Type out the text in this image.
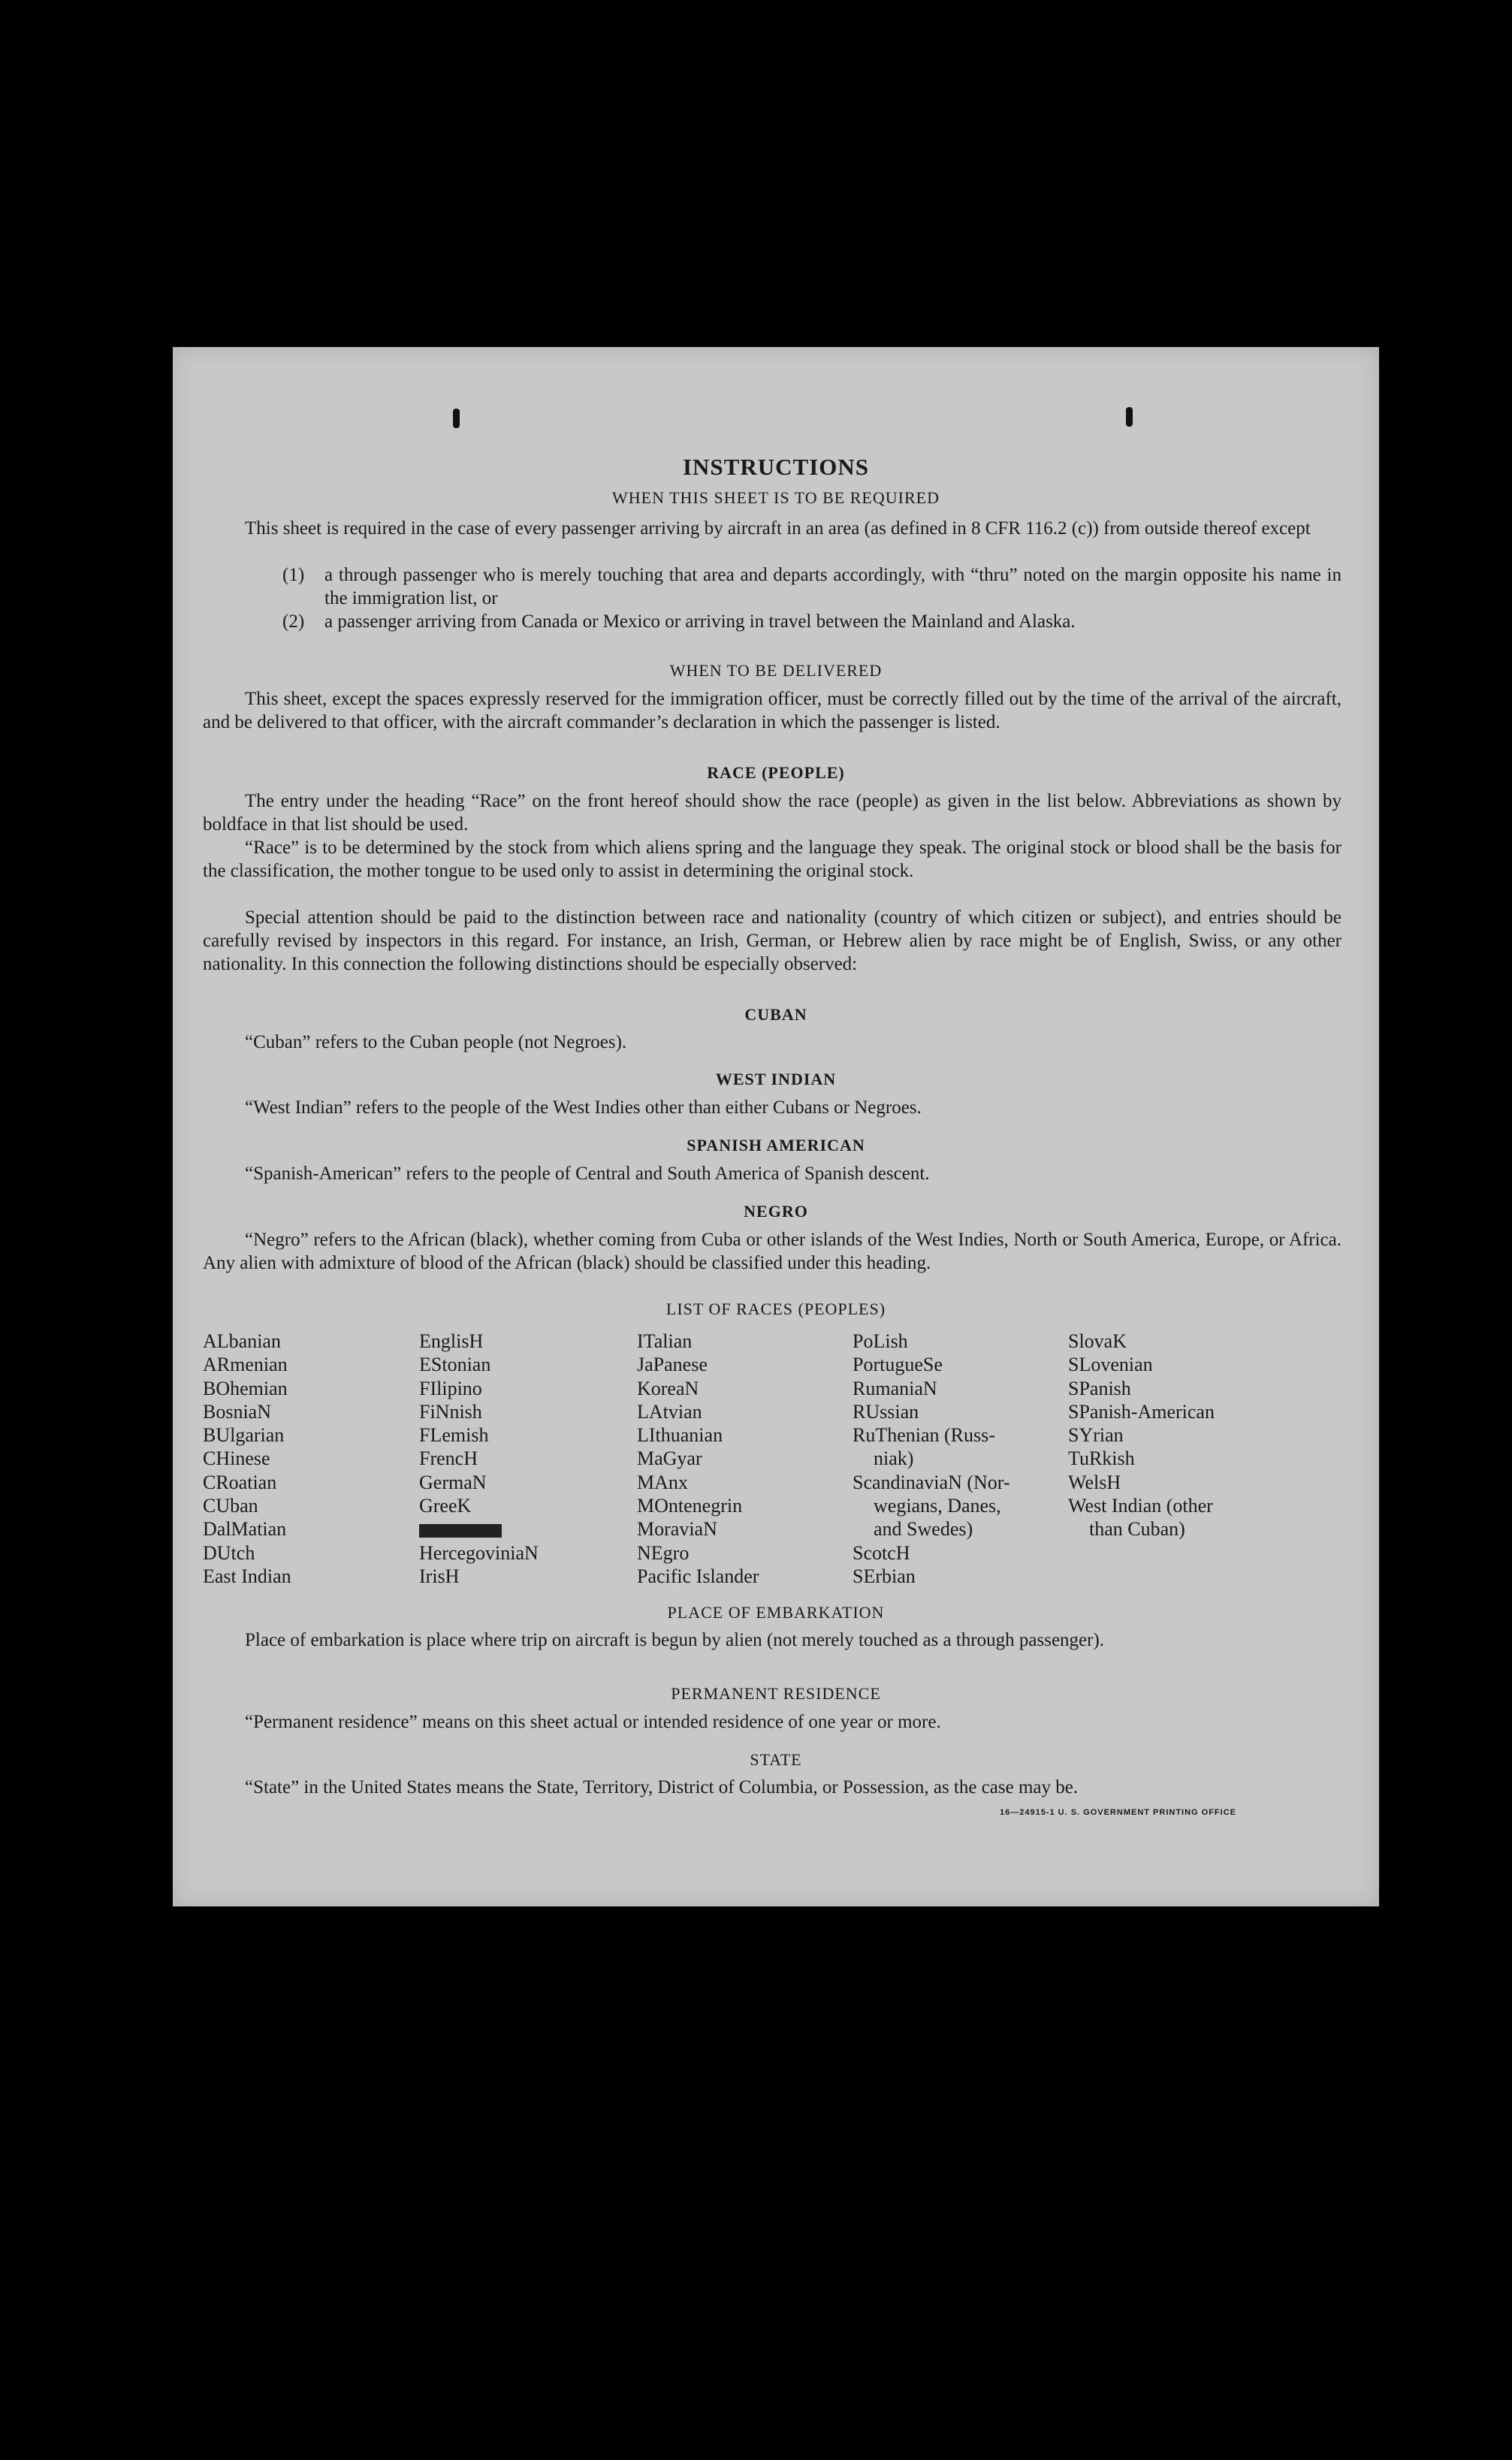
INSTRUCTIONS
WHEN THIS SHEET IS TO BE REQUIRED
This sheet is required in the case of every passenger arriving by aircraft in an area (as defined in 8 CFR 116.2 (c)) from outside thereof except
(1) a through passenger who is merely touching that area and departs accordingly, with “thru” noted on the margin opposite his name in the immigration list, or
(2) a passenger arriving from Canada or Mexico or arriving in travel between the Mainland and Alaska.
WHEN TO BE DELIVERED
This sheet, except the spaces expressly reserved for the immigration officer, must be correctly filled out by the time of the arrival of the aircraft, and be delivered to that officer, with the aircraft commander’s declaration in which the passenger is listed.
RACE (PEOPLE)
The entry under the heading “Race” on the front hereof should show the race (people) as given in the list below. Abbreviations as shown by boldface in that list should be used.
“Race” is to be determined by the stock from which aliens spring and the language they speak. The original stock or blood shall be the basis for the classification, the mother tongue to be used only to assist in determining the original stock.
Special attention should be paid to the distinction between race and nationality (country of which citizen or subject), and entries should be carefully revised by inspectors in this regard. For instance, an Irish, German, or Hebrew alien by race might be of English, Swiss, or any other nationality. In this connection the following distinctions should be especially observed:
CUBAN
“Cuban” refers to the Cuban people (not Negroes).
WEST INDIAN
“West Indian” refers to the people of the West Indies other than either Cubans or Negroes.
SPANISH AMERICAN
“Spanish-American” refers to the people of Central and South America of Spanish descent.
NEGRO
“Negro” refers to the African (black), whether coming from Cuba or other islands of the West Indies, North or South America, Europe, or Africa. Any alien with admixture of blood of the African (black) should be classified under this heading.
LIST OF RACES (PEOPLES)
ALbanian
ARmenian
BOhemian
BosniaN
BUlgarian
CHinese
CRoatian
CUban
DalMatian
DUtch
East Indian
EnglisH
EStonian
FIlipino
FiNnish
FLemish
FrencH
GermaN
GreeK
HercegoviniaN
IrisH
ITalian
JaPanese
KoreaN
LAtvian
LIthuanian
MaGyar
MAnx
MOntenegrin
MoraviaN
NEgro
Pacific Islander
PoLish
PortugueSe
RumaniaN
RUssian
RuThenian (Russ-
niak)
ScandinaviaN (Nor-
wegians, Danes,
and Swedes)
ScotcH
SErbian
SlovaK
SLovenian
SPanish
SPanish-American
SYrian
TuRkish
WelsH
West Indian (other
than Cuban)
PLACE OF EMBARKATION
Place of embarkation is place where trip on aircraft is begun by alien (not merely touched as a through passenger).
PERMANENT RESIDENCE
“Permanent residence” means on this sheet actual or intended residence of one year or more.
STATE
“State” in the United States means the State, Territory, District of Columbia, or Possession, as the case may be.
16—24915-1 U. S. GOVERNMENT PRINTING OFFICE
